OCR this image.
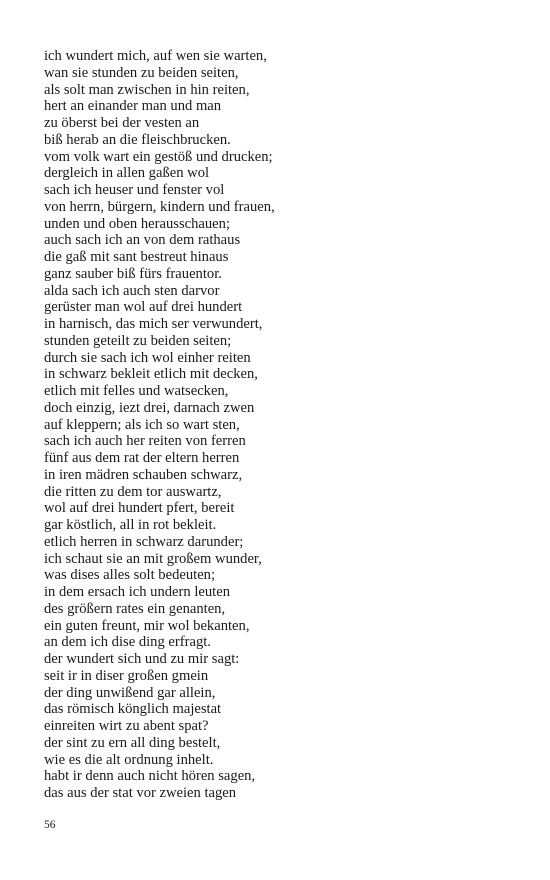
ich wundert mich, auf wen sie warten,
wan sie stunden zu beiden seiten,
als solt man zwischen in hin reiten,
hert an einander man und man
zu öberst bei der vesten an
biß herab an die fleischbrucken.
vom volk wart ein gestöß und drucken;
dergleich in allen gaßen wol
sach ich heuser und fenster vol
von herrn, bürgern, kindern und frauen,
unden und oben herausschauen;
auch sach ich an von dem rathaus
die gaß mit sant bestreut hinaus
ganz sauber biß fürs frauentor.
alda sach ich auch sten darvor
gerüster man wol auf drei hundert
in harnisch, das mich ser verwundert,
stunden geteilt zu beiden seiten;
durch sie sach ich wol einher reiten
in schwarz bekleit etlich mit decken,
etlich mit felles und watsecken,
doch einzig, iezt drei, darnach zwen
auf kleppern; als ich so wart sten,
sach ich auch her reiten von ferren
fünf aus dem rat der eltern herren
in iren mädren schauben schwarz,
die ritten zu dem tor auswartz,
wol auf drei hundert pfert, bereit
gar köstlich, all in rot bekleit.
etlich herren in schwarz darunder;
ich schaut sie an mit großem wunder,
was dises alles solt bedeuten;
in dem ersach ich undern leuten
des größern rates ein genanten,
ein guten freunt, mir wol bekanten,
an dem ich dise ding erfragt.
der wundert sich und zu mir sagt:
seit ir in diser großen gmein
der ding unwißend gar allein,
das römisch könglich majestat
einreiten wirt zu abent spat?
der sint zu ern all ding bestelt,
wie es die alt ordnung inhelt.
habt ir denn auch nicht hören sagen,
das aus der stat vor zweien tagen
56
